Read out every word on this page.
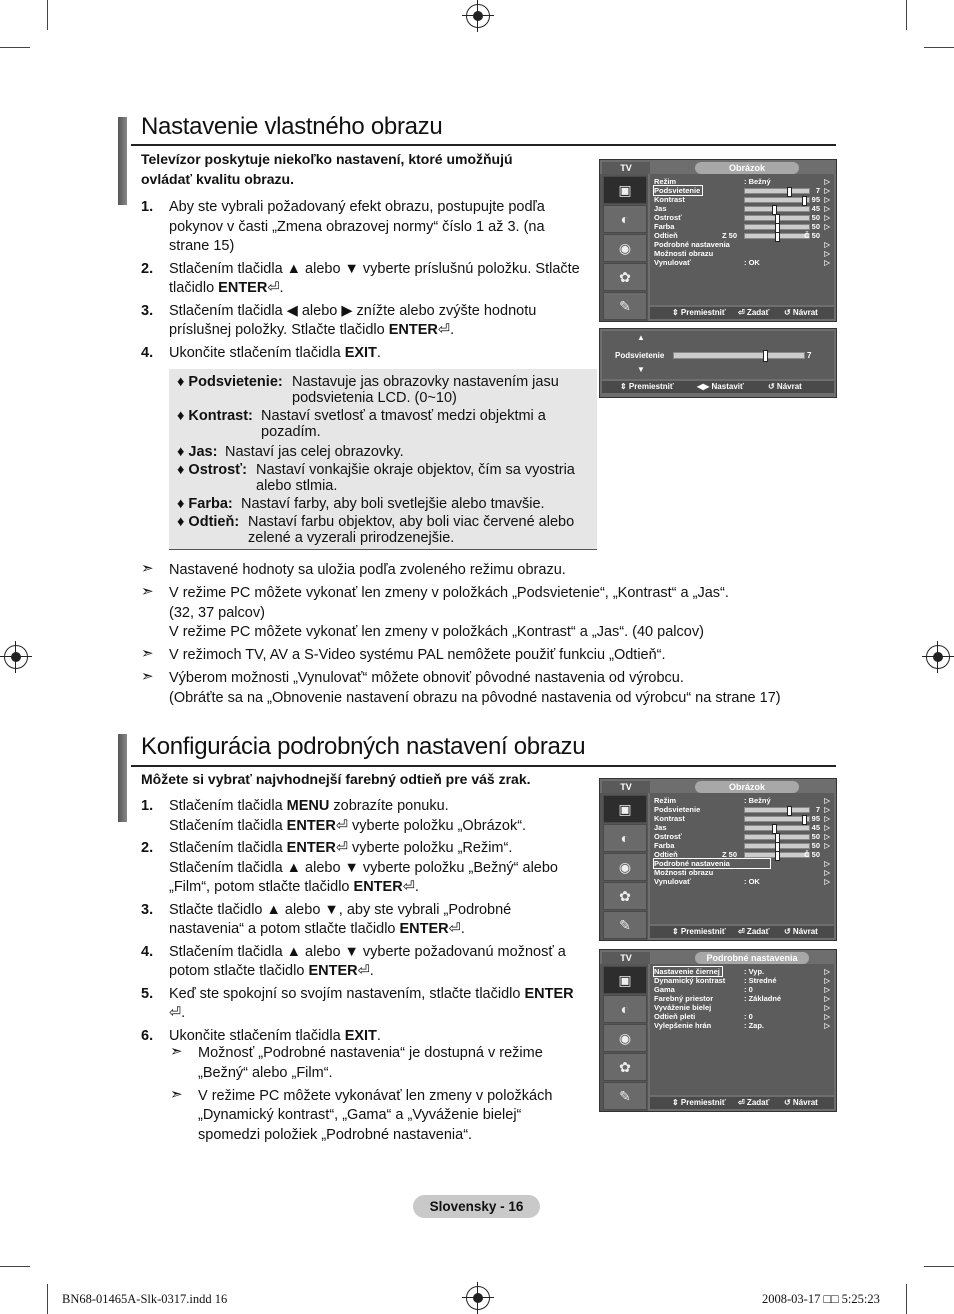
Nastavenie vlastného obrazu
Televízor poskytuje niekoľko nastavení, ktoré umožňujú
ovládať kvalitu obrazu.
1. Aby ste vybrali požadovaný efekt obrazu, postupujte podľa
pokynov v časti „Zmena obrazovej normy“ číslo 1 až 3. (na
strane 15)
2. Stlačením tlačidla ▲ alebo ▼ vyberte príslušnú položku. Stlačte
tlačidlo ENTER⏎.
3. Stlačením tlačidla ◀ alebo ▶ znížte alebo zvýšte hodnotu
príslušnej položky. Stlačte tlačidlo ENTER⏎.
4. Ukončite stlačením tlačidla EXIT.
♦ Podsvietenie: Nastavuje jas obrazovky nastavením jasu
podsvietenia LCD. (0~10)
♦ Kontrast: Nastaví svetlosť a tmavosť medzi objektmi a
pozadím.
♦ Jas: Nastaví jas celej obrazovky.
♦ Ostrosť: Nastaví vonkajšie okraje objektov, čím sa vyostria
alebo stlmia.
♦ Farba: Nastaví farby, aby boli svetlejšie alebo tmavšie.
♦ Odtieň: Nastaví farbu objektov, aby boli viac červené alebo
zelené a vyzerali prirodzenejšie.
➣ Nastavené hodnoty sa uložia podľa zvoleného režimu obrazu.
➣ V režime PC môžete vykonať len zmeny v položkách „Podsvietenie“, „Kontrast“ a „Jas“.
(32, 37 palcov)
V režime PC môžete vykonať len zmeny v položkách „Kontrast“ a „Jas“. (40 palcov)
➣ V režimoch TV, AV a S-Video systému PAL nemôžete použiť funkciu „Odtieň“.
➣ Výberom možnosti „Vynulovať“ môžete obnoviť pôvodné nastavenia od výrobcu.
(Obráťte sa na „Obnovenie nastavení obrazu na pôvodné nastavenia od výrobcu“ na strane 17)
TV	Obrázok
▣
◐
◉
✿
✎
Režim	: Bežný	▷
Podsvietenie	7 ▷
Kontrast	95 ▷
Jas	45 ▷
Ostrosť	50 ▷
Farba	50 ▷
Odtieň	Z 50	Č 50
Podrobné nastavenia	▷
Možnosti obrazu	▷
Vynulovať	: OK	▷
⇕ Premiestniť ⏎ Zadať ↺ Návrat
▲
▼
Podsvietenie	7
⇕ Premiestniť	◀▶ Nastaviť	↺ Návrat
Konfigurácia podrobných nastavení obrazu
Môžete si vybrať najvhodnejší farebný odtieň pre váš zrak.
1. Stlačením tlačidla MENU zobrazíte ponuku.
Stlačením tlačidla ENTER⏎ vyberte položku „Obrázok“.
2. Stlačením tlačidla ENTER⏎ vyberte položku „Režim“.
Stlačením tlačidla ▲ alebo ▼ vyberte položku „Bežný“ alebo
„Film“, potom stlačte tlačidlo ENTER⏎.
3. Stlačte tlačidlo ▲ alebo ▼, aby ste vybrali „Podrobné
nastavenia“ a potom stlačte tlačidlo ENTER⏎.
4. Stlačením tlačidla ▲ alebo ▼ vyberte požadovanú možnosť a
potom stlačte tlačidlo ENTER⏎.
5. Keď ste spokojní so svojím nastavením, stlačte tlačidlo ENTER
⏎.
6. Ukončite stlačením tlačidla EXIT.
➣ Možnosť „Podrobné nastavenia“ je dostupná v režime
„Bežný“ alebo „Film“.
➣ V režime PC môžete vykonávať len zmeny v položkách
„Dynamický kontrast“, „Gama“ a „Vyváženie bielej“
spomedzi položiek „Podrobné nastavenia“.
TV	Obrázok
▣
◐
◉
✿
✎
Režim	: Bežný	▷
Podsvietenie	7 ▷
Kontrast	95 ▷
Jas	45 ▷
Ostrosť	50 ▷
Farba	50 ▷
Odtieň	Z 50	Č 50
Podrobné nastavenia	▷
Možnosti obrazu	▷
Vynulovať	: OK	▷
⇕ Premiestniť ⏎ Zadať ↺ Návrat
TV	Podrobné nastavenia
▣
◐
◉
✿
✎
Nastavenie čiernej	: Vyp.	▷
Dynamický kontrast : Stredné	▷
Gama	: 0	▷
Farebný priestor	: Základné	▷
Vyváženie bielej	▷
Odtieň pleti	: 0	▷
Vylepšenie hrán	: Zap.	▷
⇕ Premiestniť ⏎ Zadať ↺ Návrat
Slovensky - 16
BN68-01465A-Slk-0317.indd 16	2008-03-17 □□ 5:25:23
